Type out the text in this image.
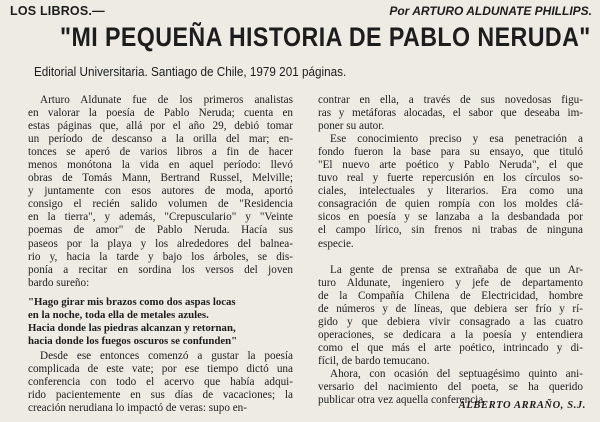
LOS LIBROS.—	Por ARTURO ALDUNATE PHILLIPS.
"MI PEQUEÑA HISTORIA DE PABLO NERUDA"
Editorial Universitaria. Santiago de Chile, 1979 201 páginas.
Arturo Aldunate fue de los primeros analistas
en valorar la poesía de Pablo Neruda; cuenta en
estas páginas que, allá por el año 29, debió tomar
un período de descanso a la orilla del mar; en-
tonces se aperó de varios libros a fin de hacer
menos monótona la vida en aquel período: llevó
obras de Tomás Mann, Bertrand Russel, Melville;
y juntamente con esos autores de moda, aportó
consigo el recién salido volumen de "Residencia
en la tierra", y además, "Crepusculario" y "Veinte
poemas de amor" de Pablo Neruda. Hacía sus
paseos por la playa y los alrededores del balnea-
rio y, hacia la tarde y bajo los árboles, se dis-
ponía a recitar en sordina los versos del joven
bardo sureño:
"Hago girar mis brazos como dos aspas locas
en la noche, toda ella de metales azules.
Hacia donde las piedras alcanzan y retornan,
hacia donde los fuegos oscuros se confunden"
Desde ese entonces comenzó a gustar la poesía
complicada de este vate; por ese tiempo dictó una
conferencia con todo el acervo que había adqui-
rido pacientemente en sus días de vacaciones; la
creación nerudiana lo impactó de veras: supo en-
contrar en ella, a través de sus novedosas figu-
ras y metáforas alocadas, el sabor que deseaba im-
poner su autor.
Ese conocimiento preciso y esa penetración a
fondo fueron la base para su ensayo, que tituló
"El nuevo arte poético y Pablo Neruda", el que
tuvo real y fuerte repercusión en los círculos so-
ciales, intelectuales y literarios. Era como una
consagración de quien rompía con los moldes clá-
sicos en poesía y se lanzaba a la desbandada por
el campo lírico, sin frenos ni trabas de ninguna
especie.
La gente de prensa se extrañaba de que un Ar-
turo Aldunate, ingeniero y jefe de departamento
de la Compañía Chilena de Electricidad, hombre
de números y de líneas, que debiera ser frío y rí-
gido y que debiera vivir consagrado a las cuatro
operaciones, se dedicara a la poesía y entendiera
como el que más el arte poético, intrincado y di-
fícil, de bardo temucano.
Ahora, con ocasión del septuagésimo quinto ani-
versario del nacimiento del poeta, se ha querido
publicar otra vez aquella conferencia
ALBERTO ARRAÑO, S.J.
